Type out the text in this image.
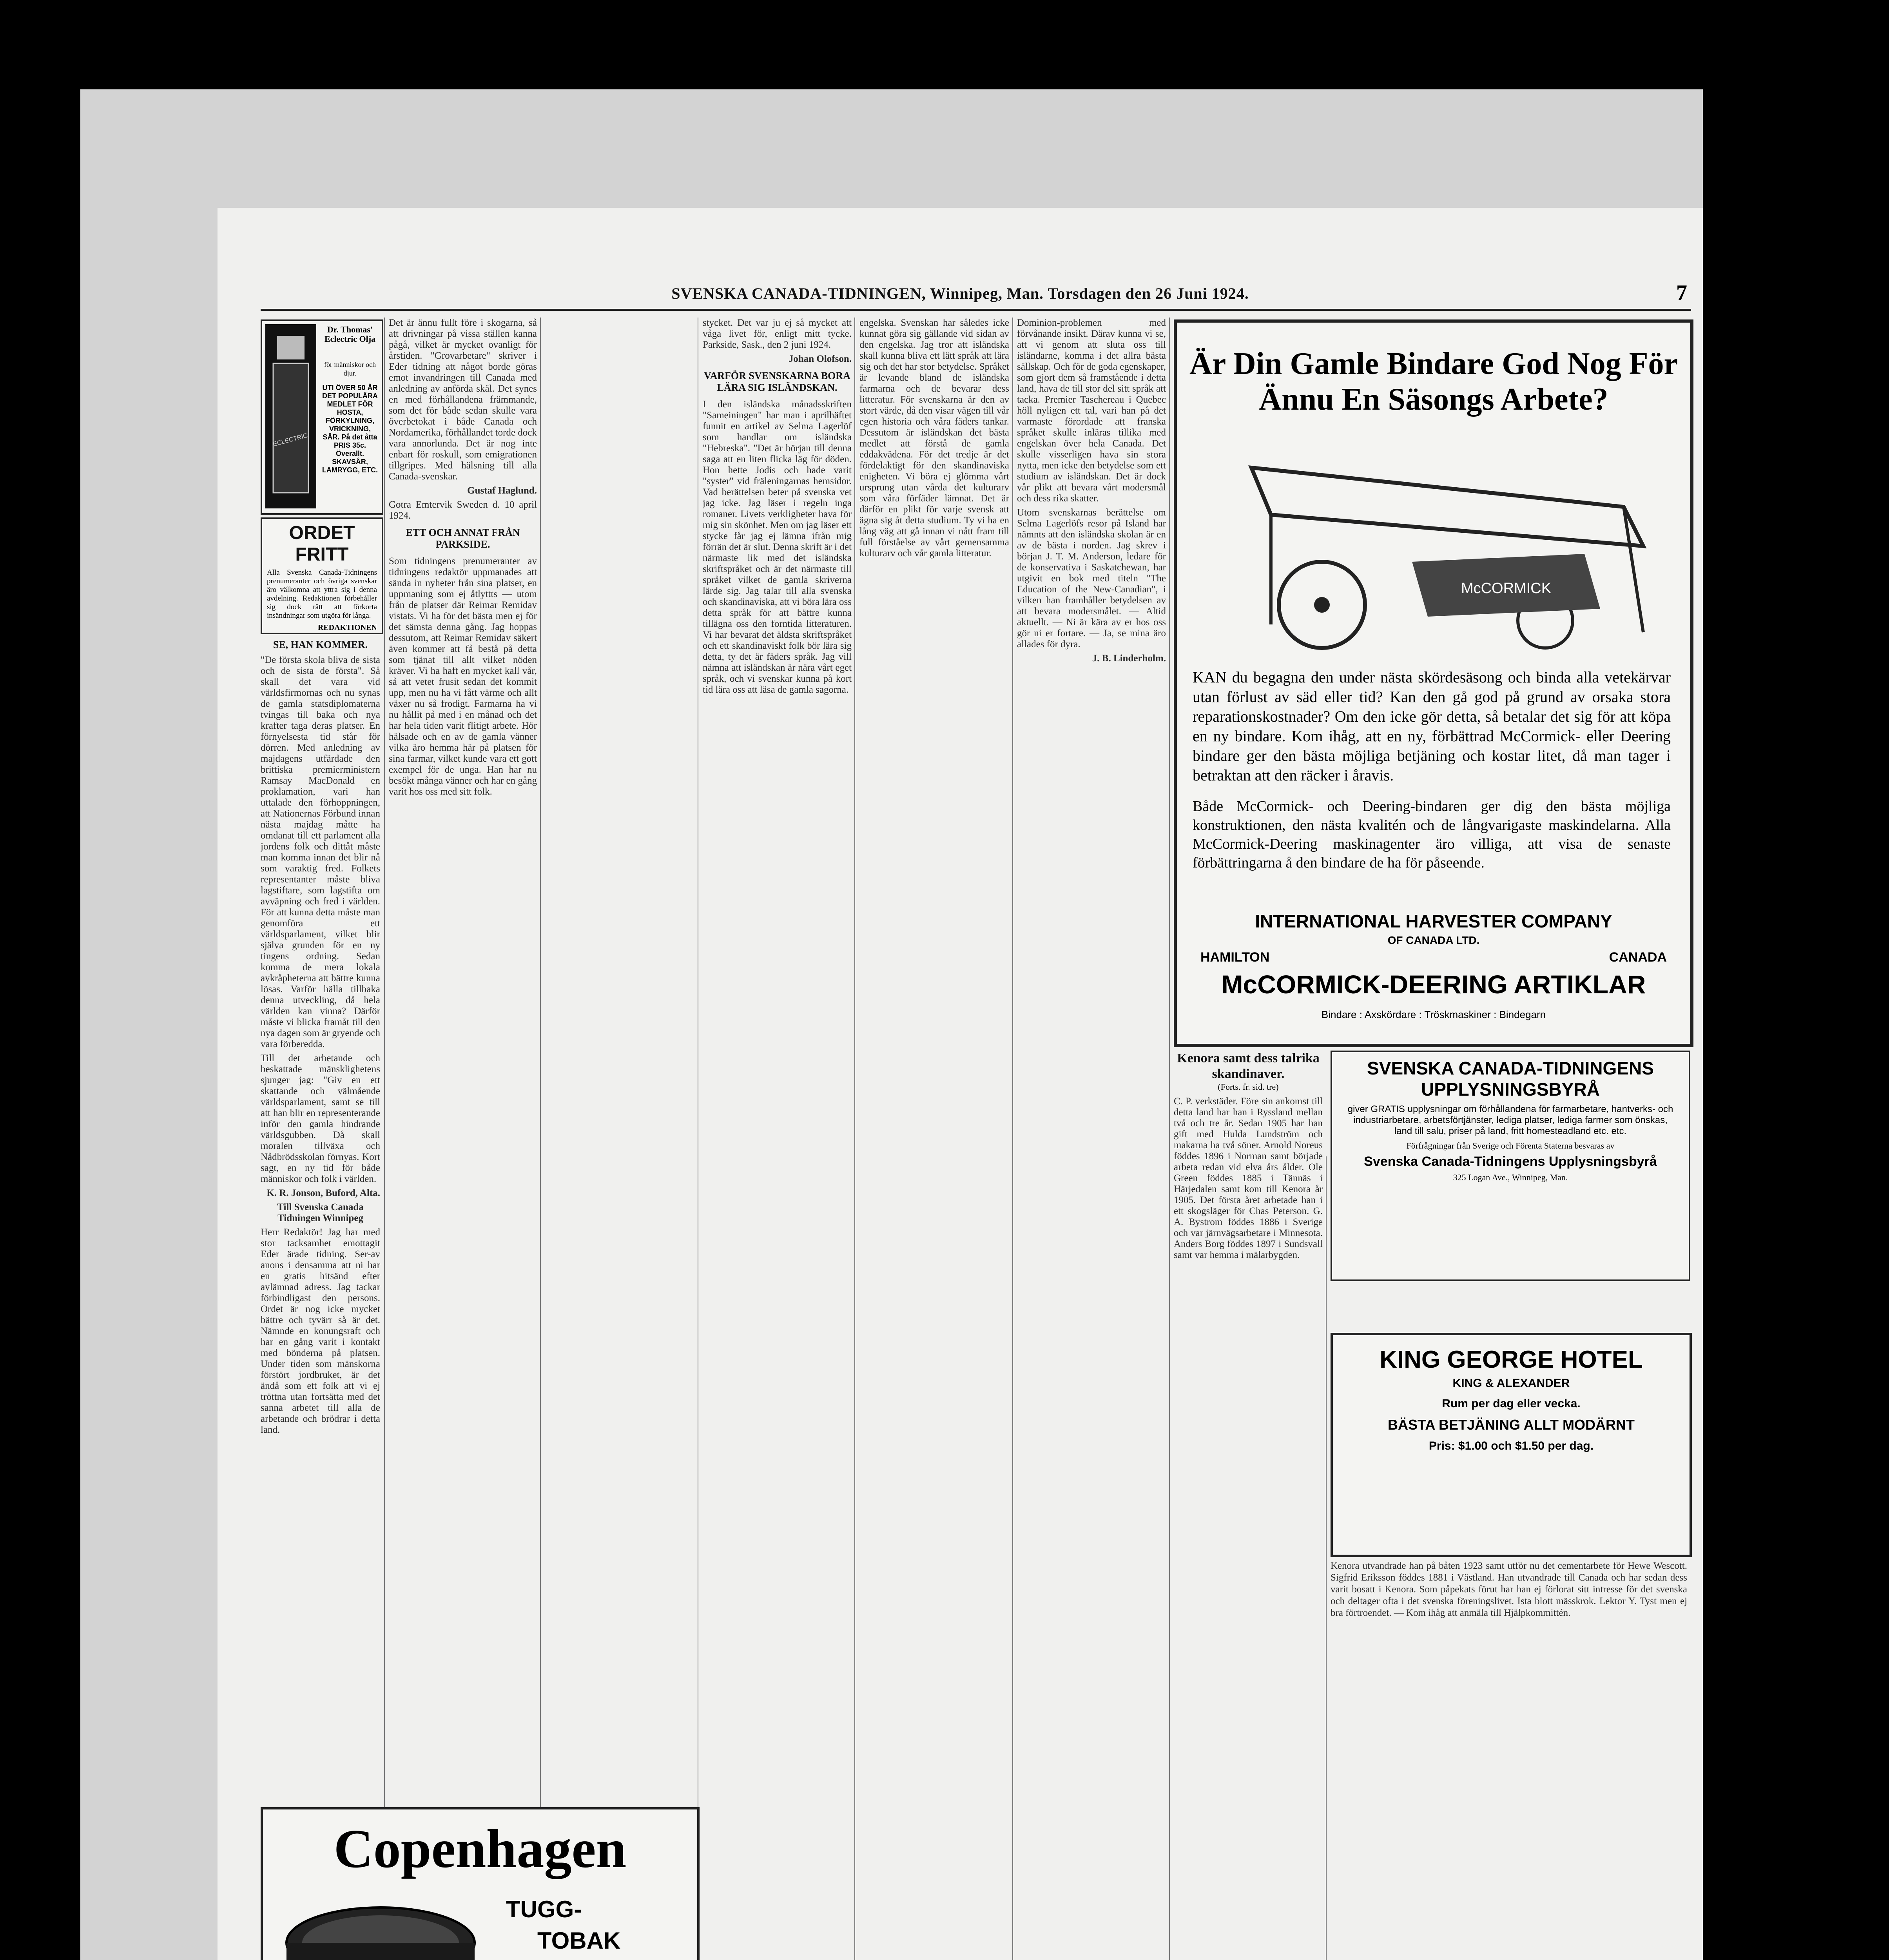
SVENSKA CANADA-TIDNINGEN, Winnipeg, Man. Torsdagen den 26 Juni 1924.	7
ECLECTRIC
Dr. Thomas' Eclectric Olja
för människor och djur.
UTI ÖVER 50 ÅR DET POPULÄRA MEDLET FÖR HOSTA, FÖRKYLNING, VRICKNING, SÅR. På det åtta PRIS 35c. Överallt. SKAVSÅR, LAMRYGG, ETC.
ORDET FRITT
Alla Svenska Canada-Tidningens prenumeranter och övriga svenskar äro välkomna att yttra sig i denna avdelning. Redaktionen förbehåller sig dock rätt att förkorta insändningar som utgöra för långa.
REDAKTIONEN
SE, HAN KOMMER.

"De första skola bliva de sista och de sista de första". Så skall det vara vid världsfirmornas och nu synas de gamla statsdiplomaterna tvingas till baka och nya krafter taga deras platser. En förnyelsesta tid står för dörren. Med anledning av majdagens utfärdade den brittiska premierministern Ramsay MacDonald en proklamation, vari han uttalade den förhoppningen, att Nationernas Förbund innan nästa majdag måtte ha omdanat till ett parlament alla jordens folk och dittåt måste man komma innan det blir nå som varaktig fred. Folkets representanter måste bliva lagstiftare, som lagstifta om avväpning och fred i världen. För att kunna detta måste man genomföra ett världsparlament, vilket blir själva grunden för en ny tingens ordning. Sedan komma de mera lokala avkråpheterna att bättre kunna lösas. Varför hälla tillbaka denna utveckling, då hela världen kan vinna? Därför måste vi blicka framåt till den nya dagen som är gryende och vara förberedda.

Till det arbetande och beskattade mänsklighetens sjunger jag: "Giv en ett skattande och välmående världsparlament, samt se till att han blir en representerande inför den gamla hindrande världsgubben. Då skall moralen tillväxa och Nådbrödsskolan förnyas. Kort sagt, en ny tid för både människor och folk i världen.

K. R. Jonson, Buford, Alta.

Till Svenska Canada Tidningen Winnipeg

Herr Redaktör! Jag har med stor tacksamhet emottagit Eder ärade tidning. Ser-av anons i densamma att ni har en gratis hitsänd efter avlämnad adress. Jag tackar förbindligast den persons. Ordet är nog icke mycket bättre och tyvärr så är det. Nämnde en konungsraft och har en gång varit i kontakt med bönderna på platsen. Under tiden som mänskorna förstört jordbruket, är det ändå som ett folk att vi ej tröttna utan fortsätta med det sanna arbetet till alla de arbetande och brödrar i detta land.

Det är ännu fullt före i skogarna, så att drivningar på vissa ställen kanna pågå, vilket är mycket ovanligt för årstiden. "Grovarbetare" skriver i Eder tidning att något borde göras emot invandringen till Canada med anledning av anförda skäl. Det synes en med förhållandena främmande, som det för både sedan skulle vara överbetokat i både Canada och Nordamerika, förhållandet torde dock vara annorlunda. Det är nog inte enbart för roskull, som emigrationen tillgripes. Med hälsning till alla Canada-svenskar.

Gustaf Haglund.

Gotra Emtervik Sweden d. 10 april 1924.

ETT OCH ANNAT FRÅN PARKSIDE.

Som tidningens prenumeranter av tidningens redaktör uppmanades att sända in nyheter från sina platser, en uppmaning som ej åtlyttts — utom från de platser där Reimar Remidav vistats. Vi ha för det bästa men ej för det sämsta denna gång. Jag hoppas dessutom, att Reimar Remidav säkert även kommer att få bestå på detta som tjänat till allt vilket nöden kräver. Vi ha haft en mycket kall vår, så att vetet frusit sedan det kommit upp, men nu ha vi fått värme och allt växer nu så frodigt. Farmarna ha vi nu hållit på med i en månad och det har hela tiden varit flitigt arbete. Hör hälsade och en av de gamla vänner vilka äro hemma här på platsen för sina farmar, vilket kunde vara ett gott exempel för de unga. Han har nu besökt många vänner och har en gång varit hos oss med sitt folk.

Copenhagen
TUGG-
TOBAK

stycket. Det var ju ej så mycket att våga livet för, enligt mitt tycke. Parkside, Sask., den 2 juni 1924.

Johan Olofson.

VARFÖR SVENSKARNA BORA LÄRA SIG ISLÄNDSKAN.

I den isländska månadsskriften "Sameiningen" har man i aprilhäftet funnit en artikel av Selma Lagerlöf som handlar om isländska "Hebreska". "Det är början till denna saga att en liten flicka läg för döden. Hon hette Jodis och hade varit "syster" vid fräleningarnas hemsidor. Vad berättelsen beter på svenska vet jag icke. Jag läser i regeln inga romaner. Livets verkligheter hava för mig sin skönhet. Men om jag läser ett stycke får jag ej lämna ifrån mig förrän det är slut. Denna skrift är i det närmaste lik med det isländska skriftspråket och är det närmaste till språket vilket de gamla skriverna lärde sig. Jag talar till alla svenska och skandinaviska, att vi böra lära oss detta språk för att bättre kunna tillägna oss den forntida litteraturen. Vi har bevarat det äldsta skriftspråket och ett skandinaviskt folk bör lära sig detta, ty det är fäders språk. Jag vill nämna att isländskan är nära vårt eget språk, och vi svenskar kunna på kort tid lära oss att läsa de gamla sagorna.

engelska. Svenskan har således icke kunnat göra sig gällande vid sidan av den engelska. Jag tror att isländska skall kunna bliva ett lätt språk att lära sig och det har stor betydelse. Språket är levande bland de isländska farmarna och de bevarar dess litteratur. För svenskarna är den av stort värde, då den visar vägen till vår egen historia och våra fäders tankar. Dessutom är isländskan det bästa medlet att förstå de gamla eddakvädena. För det tredje är det fördelaktigt för den skandinaviska enigheten. Vi böra ej glömma vårt ursprung utan vårda det kulturarv som våra förfäder lämnat. Det är därför en plikt för varje svensk att ägna sig åt detta studium. Ty vi ha en lång väg att gå innan vi nått fram till full förståelse av vårt gemensamma kulturarv och vår gamla litteratur.

Dominion-problemen med förvånande insikt. Därav kunna vi se, att vi genom att sluta oss till isländarne, komma i det allra bästa sällskap. Och för de goda egenskaper, som gjort dem så framstående i detta land, hava de till stor del sitt språk att tacka. Premier Taschereau i Quebec höll nyligen ett tal, vari han på det varmaste förordade att franska språket skulle inläras tillika med engelskan över hela Canada. Det skulle visserligen hava sin stora nytta, men icke den betydelse som ett studium av isländskan. Det är dock vår plikt att bevara vårt modersmål och dess rika skatter.

Utom svenskarnas berättelse om Selma Lagerlöfs resor på Island har nämnts att den isländska skolan är en av de bästa i norden. Jag skrev i början J. T. M. Anderson, ledare för de konservativa i Saskatchewan, har utgivit en bok med titeln "The Education of the New-Canadian", i vilken han framhåller betydelsen av att bevara modersmålet. — Altid aktuellt. — Ni är kära av er hos oss gör ni er fortare. — Ja, se mina äro allades för dyra.

J. B. Linderholm.

Är Din Gamle Bindare God Nog För
Ännu En Säsongs Arbete?
McCORMICK
KAN du begagna den under nästa skördesäsong och binda alla vetekärvar utan förlust av säd eller tid? Kan den gå god på grund av orsaka stora reparationskostnader? Om den icke gör detta, så betalar det sig för att köpa en ny bindare. Kom ihåg, att en ny, förbättrad McCormick- eller Deering bindare ger den bästa möjliga betjäning och kostar litet, då man tager i betraktan att den räcker i åravis.
Både McCormick- och Deering-bindaren ger dig den bästa möjliga konstruktionen, den nästa kvalitén och de långvarigaste maskindelarna. Alla McCormick-Deering maskinagenter äro villiga, att visa de senaste förbättringarna å den bindare de ha för påseende.
INTERNATIONAL HARVESTER COMPANY
OF CANADA LTD.
HAMILTON	CANADA
McCORMICK-DEERING ARTIKLAR
Bindare : Axskördare : Tröskmaskiner : Bindegarn
Kenora samt dess talrika skandinaver.
(Forts. fr. sid. tre)

C. P. verkstäder. Före sin ankomst till detta land har han i Ryssland mellan två och tre år. Sedan 1905 har han gift med Hulda Lundström och makarna ha två söner. Arnold Noreus föddes 1896 i Norman samt började arbeta redan vid elva års ålder. Ole Green föddes 1885 i Tännäs i Härjedalen samt kom till Kenora år 1905. Det första året arbetade han i ett skogsläger för Chas Peterson. G. A. Bystrom föddes 1886 i Sverige och var järnvägsarbetare i Minnesota. Anders Borg föddes 1897 i Sundsvall samt var hemma i mälarbygden.

SVENSKA CANADA-TIDNINGENS UPPLYSNINGSBYRÅ
giver GRATIS upplysningar om förhållandena för farmarbetare, hantverks- och industriarbetare, arbetsförtjänster, lediga platser, lediga farmer som önskas, land till salu, priser på land, fritt homesteadland etc. etc.
Förfrågningar från Sverige och Förenta Staterna besvaras av
Svenska Canada-Tidningens Upplysningsbyrå
325 Logan Ave., Winnipeg, Man.
KING GEORGE HOTEL
KING & ALEXANDER
Rum per dag eller vecka.
BÄSTA BETJÄNING ALLT MODÄRNT
Pris: $1.00 och $1.50 per dag.

Kenora utvandrade han på båten 1923 samt utför nu det cementarbete för Hewe Wescott. Sigfrid Eriksson föddes 1881 i Västland. Han utvandrade till Canada och har sedan dess varit bosatt i Kenora. Som påpekats förut har han ej förlorat sitt intresse för det svenska och deltager ofta i det svenska föreningslivet. Ista blott mässkrok. Lektor Y. Tyst men ej bra förtroendet. — Kom ihåg att anmäla till Hjälpkommittén.
